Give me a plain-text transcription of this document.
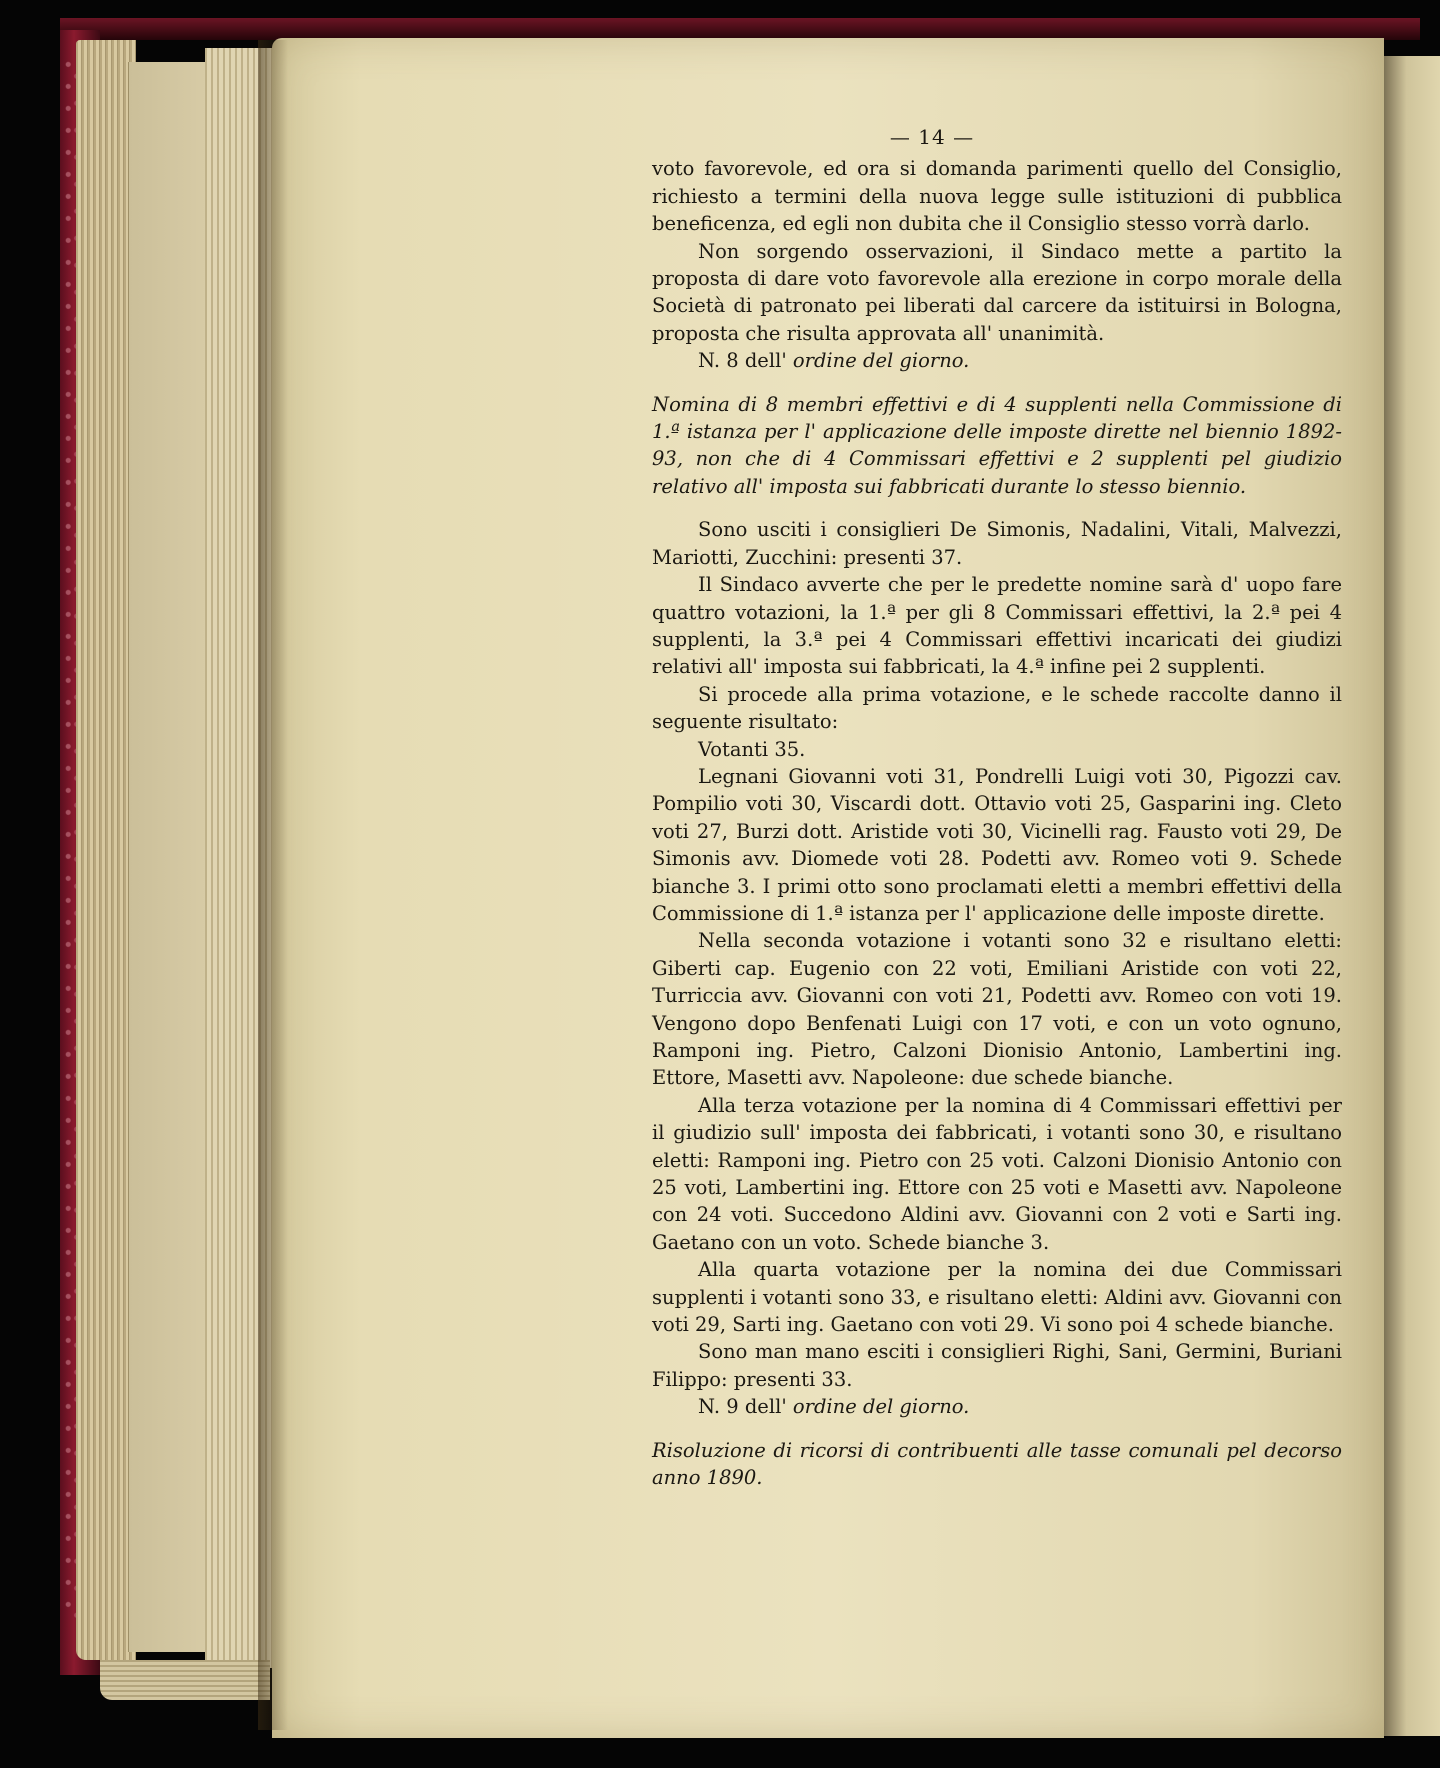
— 14 —

voto favorevole, ed ora si domanda parimenti quello del Consiglio, richiesto a termini della nuova legge sulle istituzioni di pubblica beneficenza, ed egli non dubita che il Consiglio stesso vorrà darlo.

Non sorgendo osservazioni, il Sindaco mette a partito la proposta di dare voto favorevole alla erezione in corpo morale della Società di patronato pei liberati dal carcere da istituirsi in Bologna, proposta che risulta approvata all' unanimità.

N. 8 dell' ordine del giorno.

Nomina di 8 membri effettivi e di 4 supplenti nella Commissione di 1.ª istanza per l' applicazione delle imposte dirette nel biennio 1892-93, non che di 4 Commissari effettivi e 2 supplenti pel giudizio relativo all' imposta sui fabbricati durante lo stesso biennio.

Sono usciti i consiglieri De Simonis, Nadalini, Vitali, Malvezzi, Mariotti, Zucchini: presenti 37.

Il Sindaco avverte che per le predette nomine sarà d' uopo fare quattro votazioni, la 1.ª per gli 8 Commissari effettivi, la 2.ª pei 4 supplenti, la 3.ª pei 4 Commissari effettivi incaricati dei giudizi relativi all' imposta sui fabbricati, la 4.ª infine pei 2 supplenti.

Si procede alla prima votazione, e le schede raccolte danno il seguente risultato:

Votanti 35.

Legnani Giovanni voti 31, Pondrelli Luigi voti 30, Pigozzi cav. Pompilio voti 30, Viscardi dott. Ottavio voti 25, Gasparini ing. Cleto voti 27, Burzi dott. Aristide voti 30, Vicinelli rag. Fausto voti 29, De Simonis avv. Diomede voti 28. Podetti avv. Romeo voti 9. Schede bianche 3. I primi otto sono proclamati eletti a membri effettivi della Commissione di 1.ª istanza per l' applicazione delle imposte dirette.

Nella seconda votazione i votanti sono 32 e risultano eletti: Giberti cap. Eugenio con 22 voti, Emiliani Aristide con voti 22, Turriccia avv. Giovanni con voti 21, Podetti avv. Romeo con voti 19. Vengono dopo Benfenati Luigi con 17 voti, e con un voto ognuno, Ramponi ing. Pietro, Calzoni Dionisio Antonio, Lambertini ing. Ettore, Masetti avv. Napoleone: due schede bianche.

Alla terza votazione per la nomina di 4 Commissari effettivi per il giudizio sull' imposta dei fabbricati, i votanti sono 30, e risultano eletti: Ramponi ing. Pietro con 25 voti. Calzoni Dionisio Antonio con 25 voti, Lambertini ing. Ettore con 25 voti e Masetti avv. Napoleone con 24 voti. Succedono Aldini avv. Giovanni con 2 voti e Sarti ing. Gaetano con un voto. Schede bianche 3.

Alla quarta votazione per la nomina dei due Commissari supplenti i votanti sono 33, e risultano eletti: Aldini avv. Giovanni con voti 29, Sarti ing. Gaetano con voti 29. Vi sono poi 4 schede bianche.

Sono man mano esciti i consiglieri Righi, Sani, Germini, Buriani Filippo: presenti 33.

N. 9 dell' ordine del giorno.

Risoluzione di ricorsi di contribuenti alle tasse comunali pel decorso anno 1890.
